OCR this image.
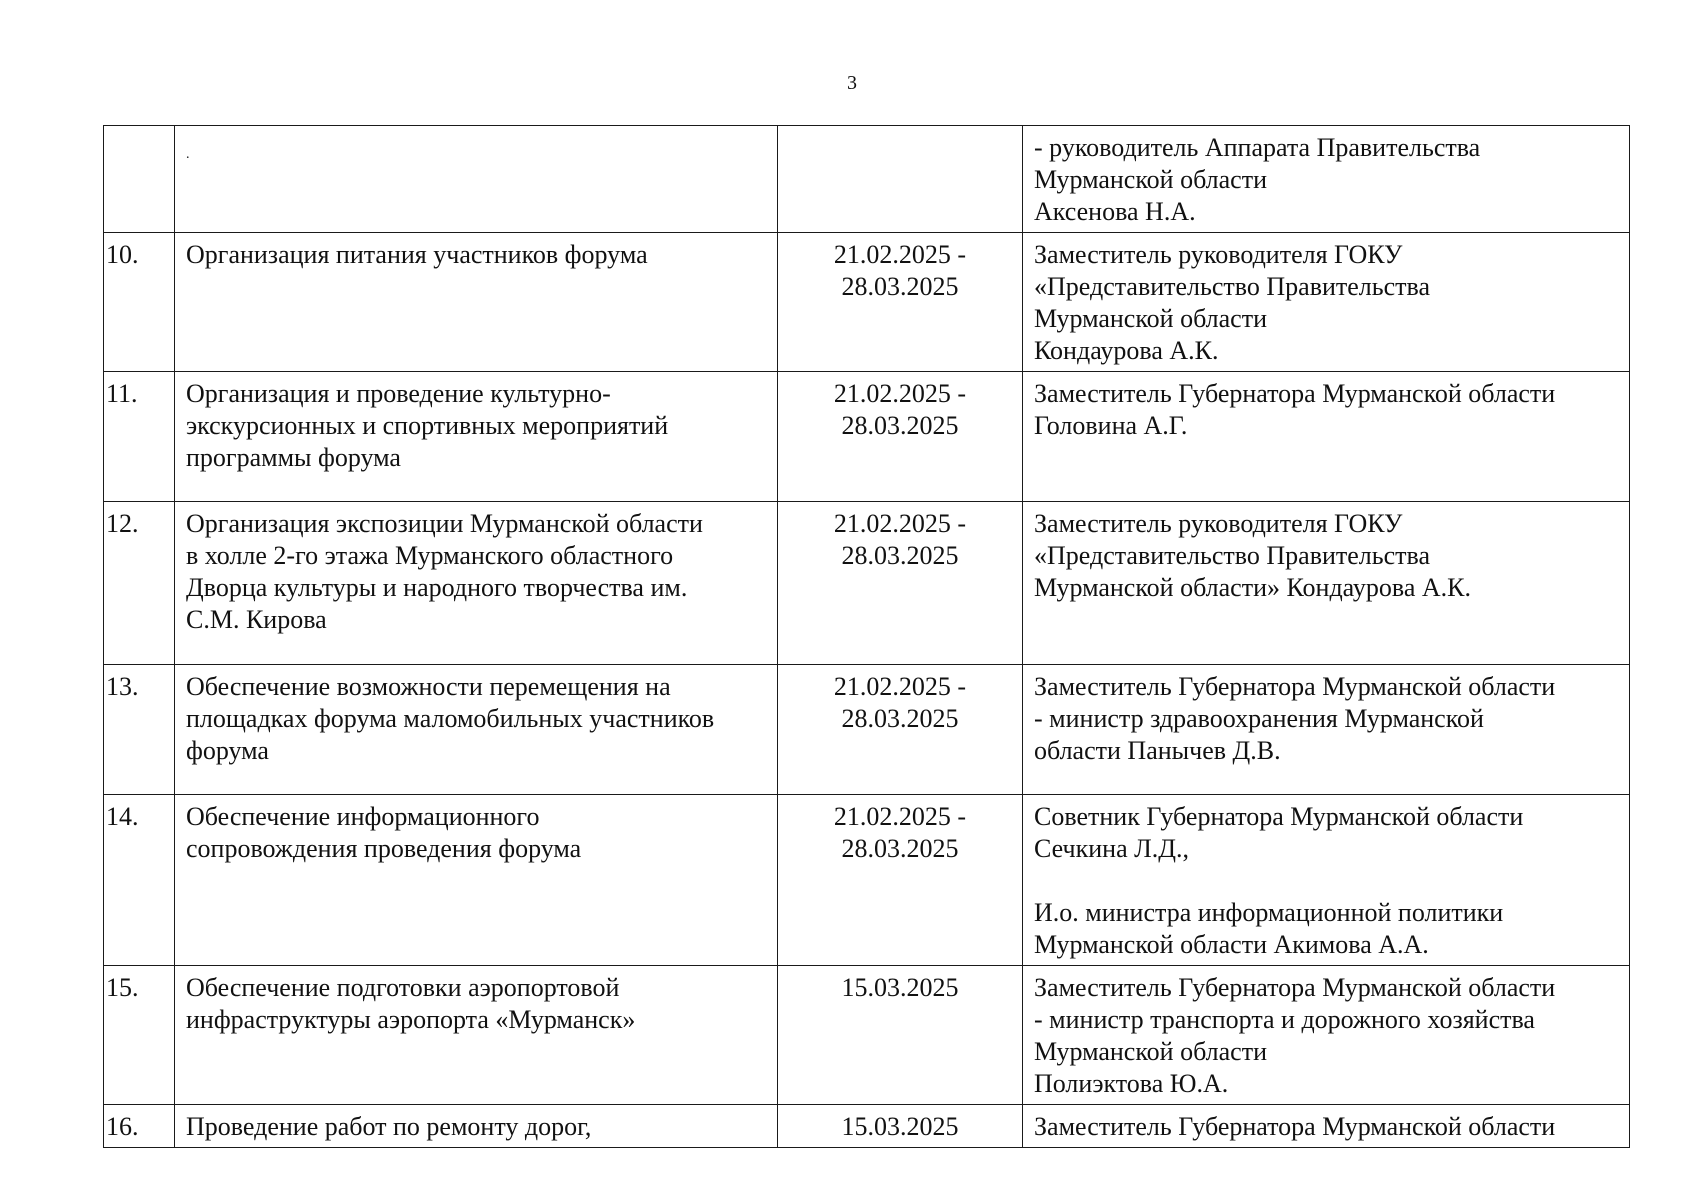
3

	.		- руководитель Аппарата Правительства
Мурманской области
Аксенова Н.А.

10.	Организация питания участников форума	21.02.2025 -
28.03.2025	Заместитель руководителя ГОКУ
«Представительство Правительства
Мурманской области
Кондаурова А.К.

11.	Организация и проведение культурно-
экскурсионных и спортивных мероприятий
программы форума	21.02.2025 -
28.03.2025	Заместитель Губернатора Мурманской области
Головина А.Г.

12.	Организация экспозиции Мурманской области
в холле 2-го этажа Мурманского областного
Дворца культуры и народного творчества им.
С.М. Кирова	21.02.2025 -
28.03.2025	Заместитель руководителя ГОКУ
«Представительство Правительства
Мурманской области» Кондаурова А.К.

13.	Обеспечение возможности перемещения на
площадках форума маломобильных участников
форума	21.02.2025 -
28.03.2025	Заместитель Губернатора Мурманской области
- министр здравоохранения Мурманской
области Панычев Д.В.

14.	Обеспечение информационного
сопровождения проведения форума	21.02.2025 -
28.03.2025	Советник Губернатора Мурманской области
Сечкина Л.Д.,
И.о. министра информационной политики
Мурманской области Акимова А.А.

15.	Обеспечение подготовки аэропортовой
инфраструктуры аэропорта «Мурманск»	15.03.2025	Заместитель Губернатора Мурманской области
- министр транспорта и дорожного хозяйства
Мурманской области
Полиэктова Ю.А.

16.	Проведение работ по ремонту дорог,	15.03.2025	Заместитель Губернатора Мурманской области
